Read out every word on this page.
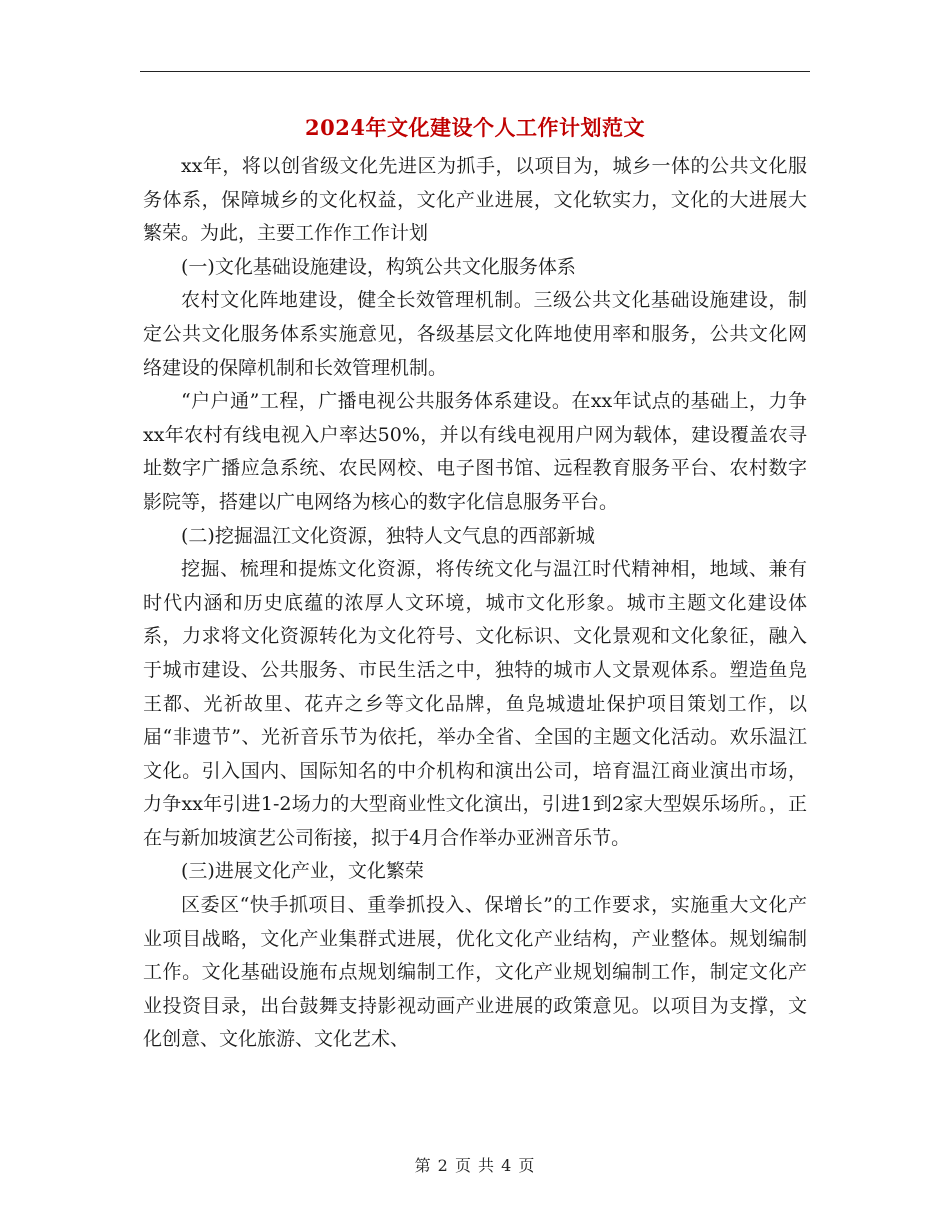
2024年文化建设个人工作计划范文

xx年，将以创省级文化先进区为抓手，以项目为，城乡一体的公共文化服务体系，保障城乡的文化权益，文化产业进展，文化软实力，文化的大进展大繁荣。为此，主要工作作工作计划

(一)文化基础设施建设，构筑公共文化服务体系

农村文化阵地建设，健全长效管理机制。三级公共文化基础设施建设，制定公共文化服务体系实施意见，各级基层文化阵地使用率和服务，公共文化网络建设的保障机制和长效管理机制。

“户户通”工程，广播电视公共服务体系建设。在xx年试点的基础上，力争xx年农村有线电视入户率达50%，并以有线电视用户网为载体，建设覆盖农寻址数字广播应急系统、农民网校、电子图书馆、远程教育服务平台、农村数字影院等，搭建以广电网络为核心的数字化信息服务平台。

(二)挖掘温江文化资源，独特人文气息的西部新城

挖掘、梳理和提炼文化资源，将传统文化与温江时代精神相，地域、兼有时代内涵和历史底蕴的浓厚人文环境，城市文化形象。城市主题文化建设体系，力求将文化资源转化为文化符号、文化标识、文化景观和文化象征，融入于城市建设、公共服务、市民生活之中，独特的城市人文景观体系。塑造鱼凫王都、光祈故里、花卉之乡等文化品牌，鱼凫城遗址保护项目策划工作，以届“非遗节”、光祈音乐节为依托，举办全省、全国的主题文化活动。欢乐温江文化。引入国内、国际知名的中介机构和演出公司，培育温江商业演出市场，力争xx年引进1-2场力的大型商业性文化演出，引进1到2家大型娱乐场所。，正在与新加坡演艺公司衔接，拟于4月合作举办亚洲音乐节。

(三)进展文化产业，文化繁荣

区委区“快手抓项目、重拳抓投入、保增长”的工作要求，实施重大文化产业项目战略，文化产业集群式进展，优化文化产业结构，产业整体。规划编制工作。文化基础设施布点规划编制工作，文化产业规划编制工作，制定文化产业投资目录，出台鼓舞支持影视动画产业进展的政策意见。以项目为支撑，文化创意、文化旅游、文化艺术、

第 2 页 共 4 页
